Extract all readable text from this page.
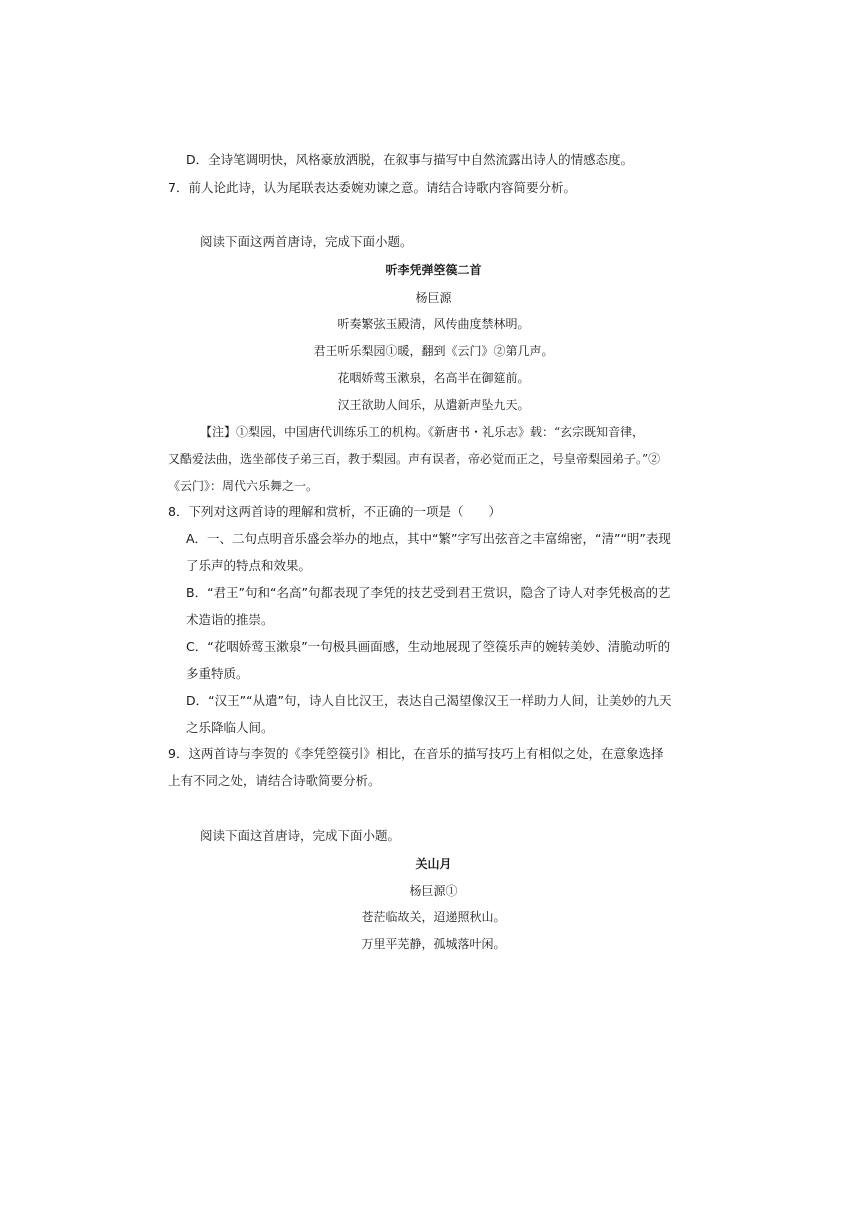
D．全诗笔调明快，风格豪放洒脱，在叙事与描写中自然流露出诗人的情感态度。
7．前人论此诗，认为尾联表达委婉劝谏之意。请结合诗歌内容简要分析。
阅读下面这两首唐诗，完成下面小题。
听李凭弹箜篌二首
杨巨源
听奏繁弦玉殿清，风传曲度禁林明。
君王听乐梨园①暖，翻到《云门》②第几声。
花咽娇莺玉漱泉，名高半在御筵前。
汉王欲助人间乐，从遣新声坠九天。
【注】①梨园，中国唐代训练乐工的机构。《新唐书・礼乐志》载：“玄宗既知音律，
又酷爱法曲，选坐部伎子弟三百，教于梨园。声有误者，帝必觉而正之，号皇帝梨园弟子。”②
《云门》：周代六乐舞之一。
8．下列对这两首诗的理解和赏析，不正确的一项是（　　）
A．一、二句点明音乐盛会举办的地点，其中“繁”字写出弦音之丰富绵密，“清”“明”表现
了乐声的特点和效果。
B．“君王”句和“名高”句都表现了李凭的技艺受到君王赏识，隐含了诗人对李凭极高的艺
术造诣的推崇。
C．“花咽娇莺玉漱泉”一句极具画面感，生动地展现了箜篌乐声的婉转美妙、清脆动听的
多重特质。
D．“汉王”“从遣”句，诗人自比汉王，表达自己渴望像汉王一样助力人间，让美妙的九天
之乐降临人间。
9．这两首诗与李贺的《李凭箜篌引》相比，在音乐的描写技巧上有相似之处，在意象选择
上有不同之处，请结合诗歌简要分析。
阅读下面这首唐诗，完成下面小题。
关山月
杨巨源①
苍茫临故关，迢递照秋山。
万里平芜静，孤城落叶闲。
